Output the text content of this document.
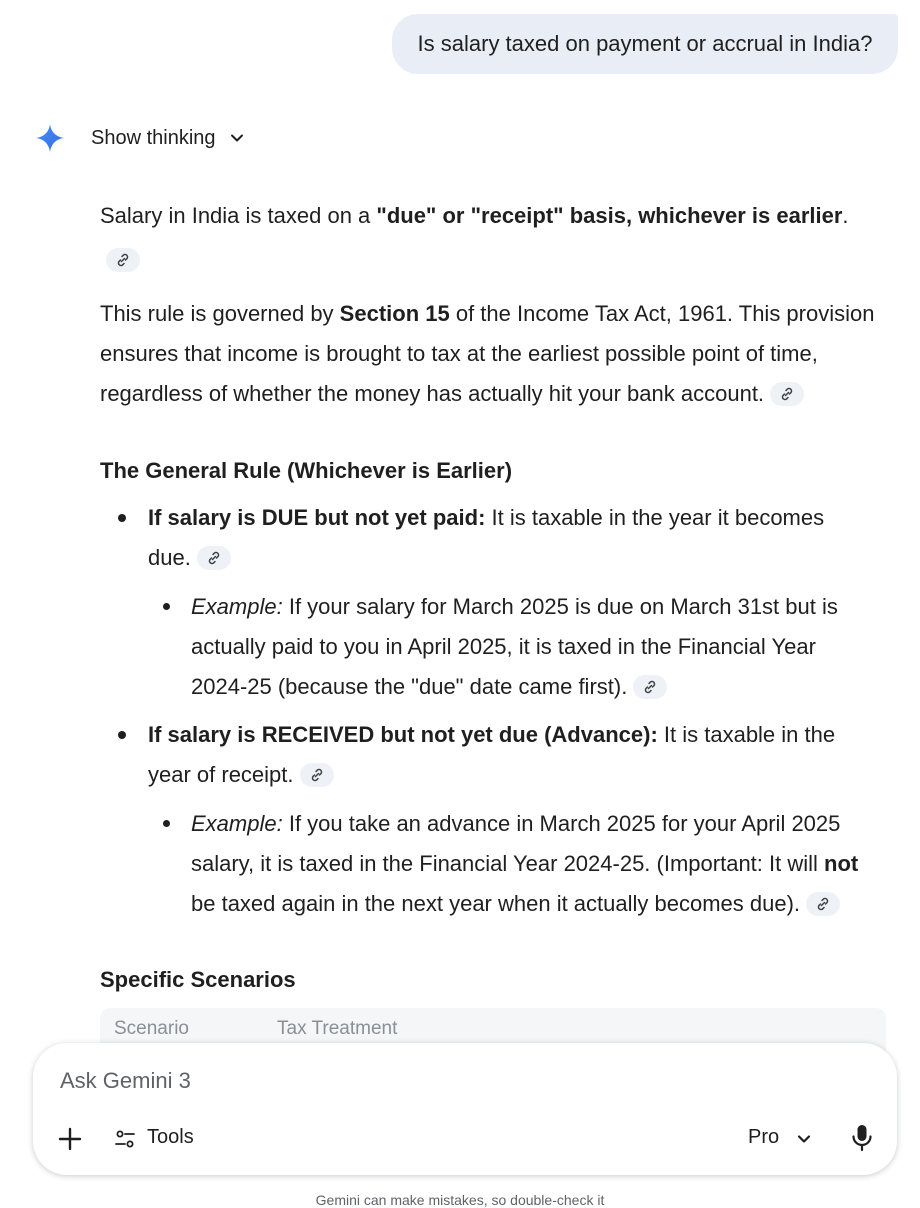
Is salary taxed on payment or accrual in India?
Show thinking
Salary in India is taxed on a "due" or "receipt" basis, whichever is earlier.
This rule is governed by Section 15 of the Income Tax Act, 1961. This provision
ensures that income is brought to tax at the earliest possible point of time,
regardless of whether the money has actually hit your bank account.
The General Rule (Whichever is Earlier)
If salary is DUE but not yet paid: It is taxable in the year it becomes
due.
Example: If your salary for March 2025 is due on March 31st but is
actually paid to you in April 2025, it is taxed in the Financial Year
2024-25 (because the "due" date came first).
If salary is RECEIVED but not yet due (Advance): It is taxable in the
year of receipt.
Example: If you take an advance in March 2025 for your April 2025
salary, it is taxed in the Financial Year 2024-25. (Important: It will not
be taxed again in the next year when it actually becomes due).
Specific Scenarios
Scenario	Tax Treatment
Ask Gemini 3
Tools	Pro
Gemini can make mistakes, so double-check it
